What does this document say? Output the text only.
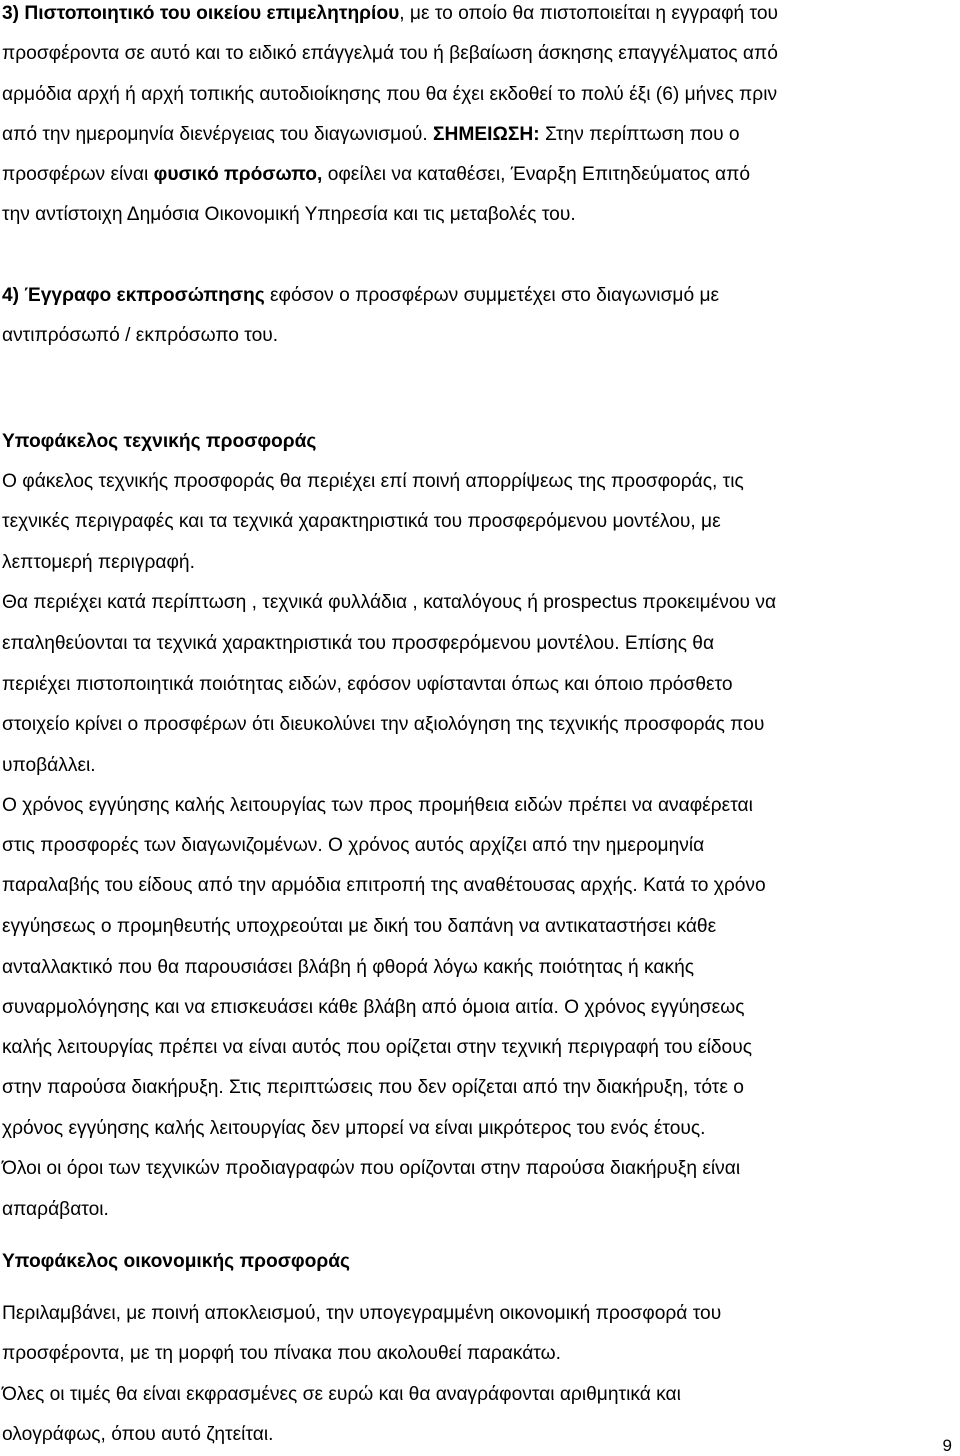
3) Πιστοποιητικό του οικείου επιμελητηρίου, με το οποίο θα πιστοποιείται η εγγραφή του
προσφέροντα σε αυτό και το ειδικό επάγγελμά του ή βεβαίωση άσκησης επαγγέλματος από
αρμόδια αρχή ή αρχή τοπικής αυτοδιοίκησης που θα έχει εκδοθεί το πολύ έξι (6) μήνες πριν
από την ημερομηνία διενέργειας του διαγωνισμού. ΣΗΜΕΙΩΣΗ: Στην περίπτωση που ο
προσφέρων είναι φυσικό πρόσωπο, οφείλει να καταθέσει, Έναρξη Επιτηδεύματος από
την αντίστοιχη Δημόσια Οικονομική Υπηρεσία και τις μεταβολές του.
4) Έγγραφο εκπροσώπησης εφόσον ο προσφέρων συμμετέχει στο διαγωνισμό με
αντιπρόσωπό / εκπρόσωπο του.
Υποφάκελος τεχνικής προσφοράς
Ο φάκελος τεχνικής προσφοράς θα περιέχει επί ποινή απορρίψεως της προσφοράς, τις
τεχνικές περιγραφές και τα τεχνικά χαρακτηριστικά του προσφερόμενου μοντέλου, με
λεπτομερή περιγραφή.
Θα περιέχει κατά περίπτωση , τεχνικά φυλλάδια , καταλόγους ή prospectus προκειμένου να
επαληθεύονται τα τεχνικά χαρακτηριστικά του προσφερόμενου μοντέλου. Επίσης θα
περιέχει πιστοποιητικά ποιότητας ειδών, εφόσον υφίστανται όπως και όποιο πρόσθετο
στοιχείο κρίνει ο προσφέρων ότι διευκολύνει την αξιολόγηση της τεχνικής προσφοράς που
υποβάλλει.
Ο χρόνος εγγύησης καλής λειτουργίας των προς προμήθεια ειδών πρέπει να αναφέρεται
στις προσφορές των διαγωνιζομένων. Ο χρόνος αυτός αρχίζει από την ημερομηνία
παραλαβής του είδους από την αρμόδια επιτροπή της αναθέτουσας αρχής. Κατά το χρόνο
εγγύησεως ο προμηθευτής υποχρεούται με δική του δαπάνη να αντικαταστήσει κάθε
ανταλλακτικό που θα παρουσιάσει βλάβη ή φθορά λόγω κακής ποιότητας ή κακής
συναρμολόγησης και να επισκευάσει κάθε βλάβη από όμοια αιτία. Ο χρόνος εγγύησεως
καλής λειτουργίας πρέπει να είναι αυτός που ορίζεται στην τεχνική περιγραφή του είδους
στην παρούσα διακήρυξη. Στις περιπτώσεις που δεν ορίζεται από την διακήρυξη, τότε ο
χρόνος εγγύησης καλής λειτουργίας δεν μπορεί να είναι μικρότερος του ενός έτους.
Όλοι οι όροι των τεχνικών προδιαγραφών που ορίζονται στην παρούσα διακήρυξη είναι
απαράβατοι.
Υποφάκελος οικονομικής προσφοράς
Περιλαμβάνει, με ποινή αποκλεισμού, την υπογεγραμμένη οικονομική προσφορά του
προσφέροντα, με τη μορφή του πίνακα που ακολουθεί παρακάτω.
Όλες οι τιμές θα είναι εκφρασμένες σε ευρώ και θα αναγράφονται αριθμητικά και
ολογράφως, όπου αυτό ζητείται.
9
